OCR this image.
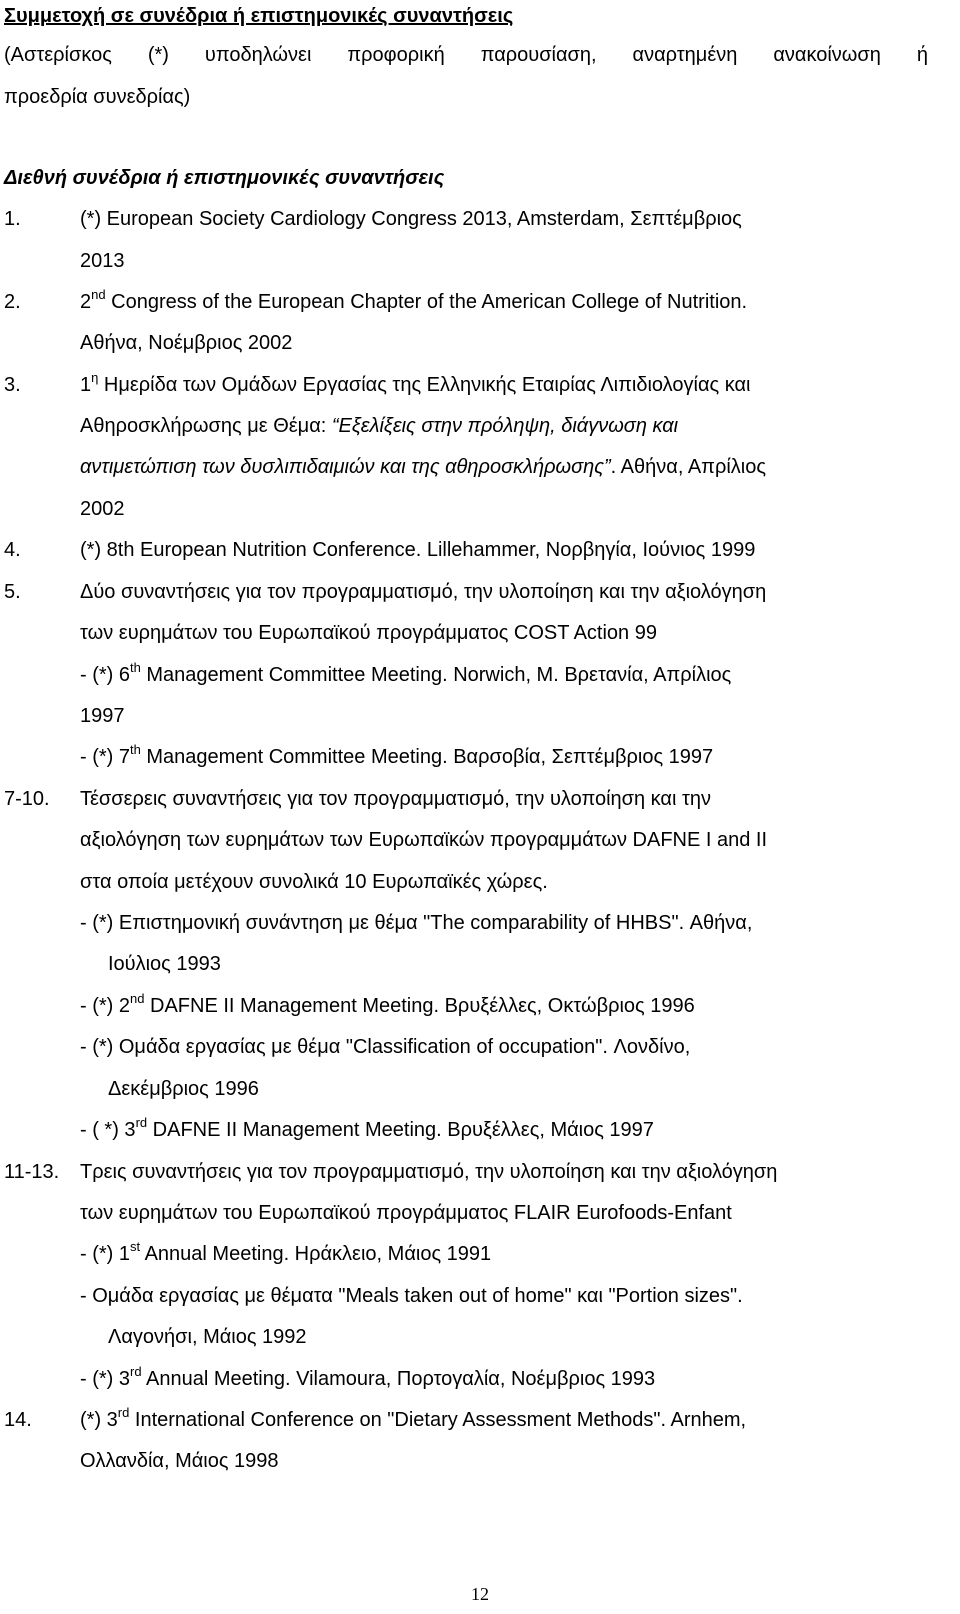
Συμμετοχή σε συνέδρια ή επιστημονικές συναντήσεις
(Αστερίσκος (*) υποδηλώνει προφορική παρουσίαση, αναρτημένη ανακοίνωση ή
προεδρία συνεδρίας)
Διεθνή συνέδρια ή επιστημονικές συναντήσεις
1.	(*) European Society Cardiology Congress 2013, Amsterdam, Σεπτέμβριος
2013
2.	2nd Congress of the European Chapter of the American College of Nutrition.
Αθήνα, Νοέμβριος 2002
3.	$1^\eta$ Ημερίδα των Ομάδων Εργασίας της Ελληνικής Εταιρίας Λιπιδιολογίας και
Αθηροσκλήρωσης με Θέμα: “Εξελίξεις στην πρόληψη, διάγνωση και
αντιμετώπιση των δυσλιπιδαιμιών και της αθηροσκλήρωσης”. Αθήνα, Απρίλιος
2002
4.	(*) 8th European Nutrition Conference. Lillehammer, Νορβηγία, Ιούνιος 1999
5.	Δύο συναντήσεις για τον προγραμματισμό, την υλοποίηση και την αξιολόγηση
των ευρημάτων του Ευρωπαϊκού προγράμματος COST Action 99
- (*) 6th Management Committee Meeting. Norwich, Μ. Βρετανία, Απρίλιος
1997
- (*) 7th Management Committee Meeting. Βαρσοβία, Σεπτέμβριος 1997
7-10. Τέσσερεις συναντήσεις για τον προγραμματισμό, την υλοποίηση και την
αξιολόγηση των ευρημάτων των Ευρωπαϊκών προγραμμάτων DAFNE I and II
στα οποία μετέχουν συνολικά 10 Ευρωπαϊκές χώρες.
- (*) Επιστημονική συνάντηση με θέμα "The comparability of HHBS". Αθήνα,
Ιούλιος 1993
- (*) 2nd DAFNE II Management Meeting. Βρυξέλλες, Οκτώβριος 1996
- (*) Ομάδα εργασίας με θέμα "Classification of occupation". Λονδίνο,
Δεκέμβριος 1996
- ( *) 3rd DAFNE II Management Meeting. Βρυξέλλες, Μάιος 1997
11-13. Τρεις συναντήσεις για τον προγραμματισμό, την υλοποίηση και την αξιολόγηση
των ευρημάτων του Ευρωπαϊκού προγράμματος FLAIR Eurofoods-Enfant
- (*) 1st Annual Meeting. Ηράκλειο, Μάιος 1991
- Ομάδα εργασίας με θέματα "Meals taken out of home" και "Portion sizes".
Λαγονήσι, Μάιος 1992
- (*) 3rd Annual Meeting. Vilamoura, Πορτογαλία, Νοέμβριος 1993
14. (*) 3rd International Conference on "Dietary Assessment Methods". Arnhem,
Ολλανδία, Μάιος 1998
12
